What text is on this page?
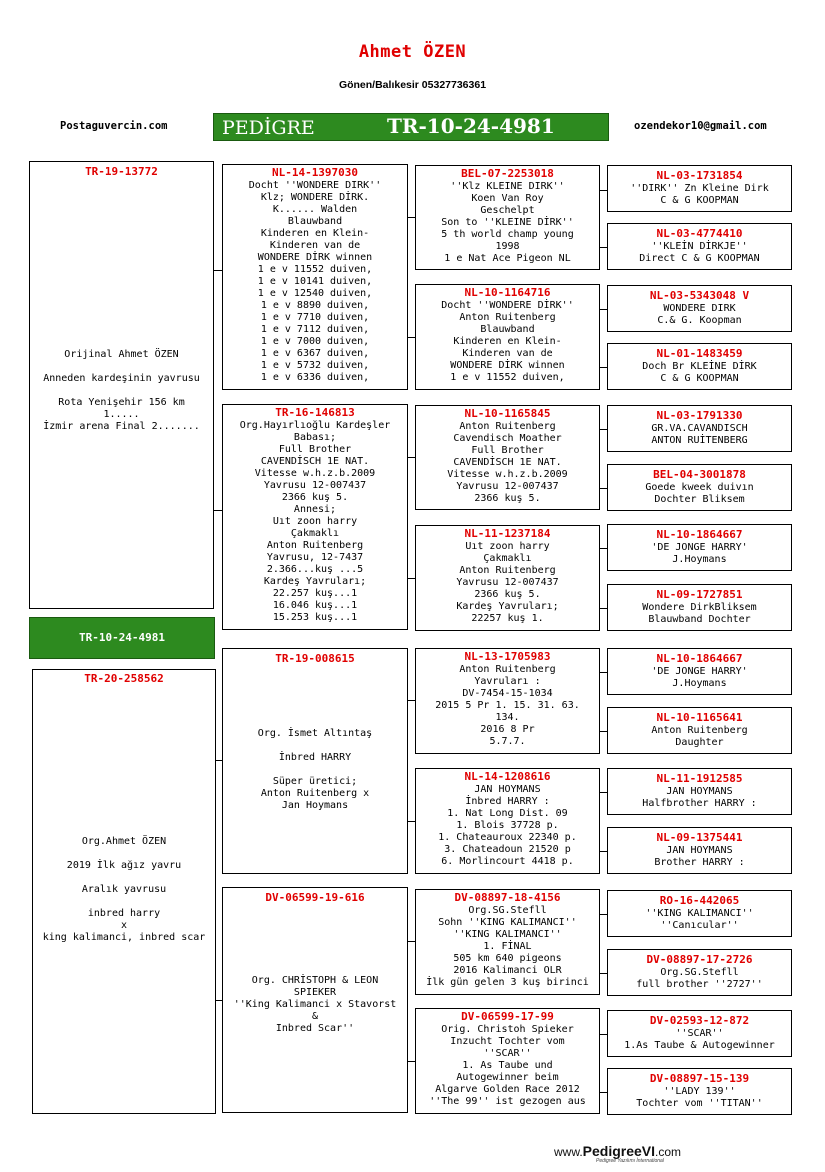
Ahmet ÖZEN
Gönen/Balıkesir 05327736361
Postaguvercin.com	PEDİGRE	TR-10-24-4981	ozendekor10@gmail.com
TR-19-13772
Orijinal Ahmet ÖZEN

Anneden kardeşinin yavrusu

Rota Yenişehir 156 km
1.....
İzmir arena Final 2.......
TR-10-24-4981
TR-20-258562
Org.Ahmet ÖZEN

2019 İlk ağız yavru

Aralık yavrusu

inbred harry
x
king kalimanci, inbred scar
NL-14-1397030
Docht ''WONDERE DIRK''
Klz; WONDERE DİRK.
K...... Walden
Blauwband
Kinderen en Klein-
Kinderen van de
WONDERE DİRK winnen
1 e v 11552 duiven,
1 e v 10141 duiven,
1 e v 12540 duiven,
1 e v 8890 duiven,
1 e v 7710 duiven,
1 e v 7112 duiven,
1 e v 7000 duiven,
1 e v 6367 duiven,
1 e v 5732 duiven,
1 e v 6336 duiven,
TR-16-146813
Org.Hayırlıoğlu Kardeşler
Babası;
Full Brother
CAVENDİSCH 1E NAT.
Vitesse w.h.z.b.2009
Yavrusu 12-007437
2366 kuş 5.
Annesi;
Uıt zoon harry
Çakmaklı
Anton Ruitenberg
Yavrusu, 12-7437
2.366...kuş ...5
Kardeş Yavruları;
22.257 kuş...1
16.046 kuş...1
15.253 kuş...1
TR-19-008615
Org. İsmet Altıntaş

İnbred HARRY

Süper üretici;
Anton Ruitenberg x
Jan Hoymans
DV-06599-19-616
Org. CHRİSTOPH & LEON
SPIEKER
''King Kalimanci x Stavorst
&
Inbred Scar''
BEL-07-2253018
''Klz KLEINE DIRK''
Koen Van Roy
Geschelpt
Son to ''KLEINE DİRK''
5 th world champ young
1998
1 e Nat Ace Pigeon NL
NL-10-1164716
Docht ''WONDERE DİRK''
Anton Ruitenberg
Blauwband
Kinderen en Klein-
Kinderen van de
WONDERE DİRK winnen
1 e v 11552 duiven,
NL-10-1165845
Anton Ruitenberg
Cavendisch Moather
Full Brother
CAVENDİSCH 1E NAT.
Vitesse w.h.z.b.2009
Yavrusu 12-007437
2366 kuş 5.
NL-11-1237184
Uıt zoon harry
Çakmaklı
Anton Ruitenberg
Yavrusu 12-007437
2366 kuş 5.
Kardeş Yavruları;
22257 kuş 1.
NL-13-1705983
Anton Ruitenberg
Yavruları :
DV-7454-15-1034
2015 5 Pr 1. 15. 31. 63.
134.
2016 8 Pr
5.7.7.
NL-14-1208616
JAN HOYMANS
İnbred HARRY :
1. Nat Long Dist. 09
1. Blois 37728 p.
1. Chateauroux 22340 p.
3. Chateadoun 21520 p
6. Morlincourt 4418 p.
DV-08897-18-4156
Org.SG.Stefll
Sohn ''KING KALIMANCI''
''KING KALIMANCI''
1. FİNAL
505 km 640 pigeons
2016 Kalimanci OLR
İlk gün gelen 3 kuş birinci
DV-06599-17-99
Orig. Christoh Spieker
Inzucht Tochter vom
''SCAR''
1. As Taube und
Autogewinner beim
Algarve Golden Race 2012
''The 99'' ist gezogen aus
NL-03-1731854
''DIRK'' Zn Kleine Dirk
C & G KOOPMAN
NL-03-4774410
''KLEİN DİRKJE''
Direct C & G KOOPMAN
NL-03-5343048 V
WONDERE DIRK
C.& G. Koopman
NL-01-1483459
Doch Br KLEİNE DİRK
C & G KOOPMAN
NL-03-1791330
GR.VA.CAVANDISCH
ANTON RUİTENBERG
BEL-04-3001878
Goede kweek duivın
Dochter Bliksem
NL-10-1864667
'DE JONGE HARRY'
J.Hoymans
NL-09-1727851
Wondere DirkBliksem
Blauwband Dochter
NL-10-1864667
'DE JONGE HARRY'
J.Hoymans
NL-10-1165641
Anton Ruitenberg
Daughter
NL-11-1912585
JAN HOYMANS
Halfbrother HARRY :
NL-09-1375441
JAN HOYMANS
Brother HARRY :
RO-16-442065
''KING KALIMANCI''
''Canıcular''
DV-08897-17-2726
Org.SG.Stefll
full brother ''2727''
DV-02593-12-872
''SCAR''
1.As Taube & Autogewinner
DV-08897-15-139
''LADY 139''
Tochter vom ''TITAN''
www.PedigreeVI.com
Pedigree Yazılımı İnternational
